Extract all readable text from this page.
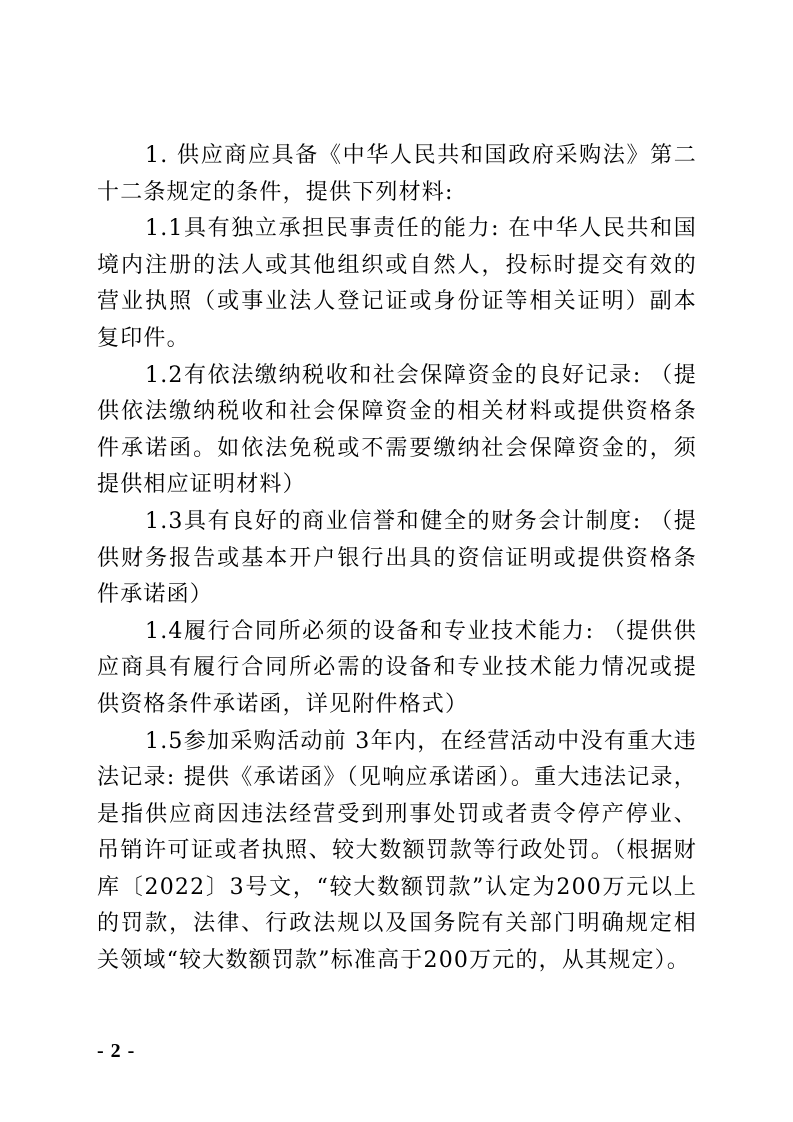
1. 供应商应具备《中华人民共和国政府采购法》第二十二条规定的条件，提供下列材料:

1.1具有独立承担民事责任的能力: 在中华人民共和国境内注册的法人或其他组织或自然人，投标时提交有效的营业执照（或事业法人登记证或身份证等相关证明）副本复印件。

1.2有依法缴纳税收和社会保障资金的良好记录: （提供依法缴纳税收和社会保障资金的相关材料或提供资格条件承诺函。如依法免税或不需要缴纳社会保障资金的，须提供相应证明材料）

1.3具有良好的商业信誉和健全的财务会计制度: （提供财务报告或基本开户银行出具的资信证明或提供资格条件承诺函）

1.4履行合同所必须的设备和专业技术能力: （提供供应商具有履行合同所必需的设备和专业技术能力情况或提供资格条件承诺函，详见附件格式）

1.5参加采购活动前 3年内，在经营活动中没有重大违法记录: 提供《承诺函》（见响应承诺函）。重大违法记录，是指供应商因违法经营受到刑事处罚或者责令停产停业、吊销许可证或者执照、较大数额罚款等行政处罚。（根据财库〔2022〕3号文，“较大数额罚款”认定为200万元以上的罚款，法律、行政法规以及国务院有关部门明确规定相关领域“较大数额罚款”标准高于200万元的，从其规定）。

- 2 -
